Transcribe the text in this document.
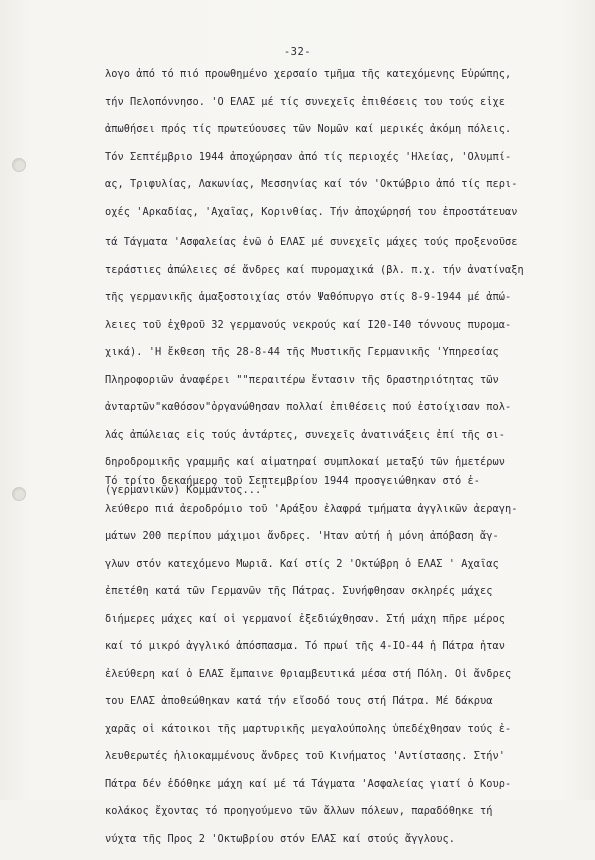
-32-
λογο ἀπό τό πιό προωθημένο χερσαίο τμῆμα τῆς κατεχόμενης Εὐρώπης,
τήν Πελοπόννησο. 'Ο ΕΛΑΣ μέ τίς συνεχεῖς ἐπιθέσεις του τούς εἶχε
ἀπωθήσει πρός τίς πρωτεύουσες τῶν Νομῶν καί μερικές ἀκόμη πόλεις.
Τόν Σεπτέμβριο 1944 ἀποχώρησαν ἀπό τίς περιοχές 'Ηλείας, 'Ολυμπί-
ας, Τριφυλίας, Λακωνίας, Μεσσηνίας καί τόν 'Οκτώβριο ἀπό τίς περι-
οχές 'Αρκαδίας, 'Αχαΐας, Κορινθίας. Τήν ἀποχώρησή του ἐπροστάτευαν
τά Τάγματα 'Ασφαλείας ἐνῶ ὁ ΕΛΑΣ μέ συνεχεῖς μάχες τούς προξενοῦσε
τεράστιες ἀπώλειες σέ ἄνδρες καί πυρομαχικά (βλ. π.χ. τήν ἀνατίναξη
τῆς γερμανικῆς ἁμαξοστοιχίας στόν Ψαθόπυργο στίς 8-9-1944 μέ ἀπώ-
λειες τοῦ ἐχθροῦ 32 γερμανούς νεκρούς καί I20-I40 τόννους πυρομα-
χικά). 'Η ἔκθεση τῆς 28-8-44 τῆς Μυστικῆς Γερμανικῆς 'Υπηρεσίας
Πληροφοριῶν ἀναφέρει ""περαιτέρω ἔντασιν τῆς δραστηριότητας τῶν
ἀνταρτῶν"καθόσον"ὀργανώθησαν πολλαί ἐπιθέσεις πού ἐστοίχισαν πολ-
λάς ἀπώλειας εἰς τούς ἀντάρτες, συνεχεῖς ἀνατινάξεις ἐπί τῆς σι-
δηροδρομικῆς γραμμῆς καί αἱματηραί συμπλοκαί μεταξύ τῶν ἡμετέρων
(γερμανικῶν) Κομμάντος..."
Τό τρίτο δεκαήμερο τοῦ Σεπτεμβρίου 1944 προσγειώθηκαν στό ἐ-
λεύθερο πιά ἀεροδρόμιο τοῦ 'Αράξου ἐλαφρά τμήματα ἀγγλικῶν ἀεραγη-
μάτων 200 περίπου μάχιμοι ἄνδρες. 'Ηταν αὐτή ἡ μόνη ἀπόβαση ἄγ-
γλων στόν κατεχόμενο Μωριᾶ. Καί στίς 2 'Οκτώβρη ὁ ΕΛΑΣ ' Αχαΐας
ἐπετέθη κατά τῶν Γερμανῶν τῆς Πάτρας. Συνήφθησαν σκληρές μάχες
διήμερες μάχες καί οἱ γερμανοί ἐξεδιώχθησαν. Στή μάχη πῆρε μέρος
καί τό μικρό ἀγγλικό ἀπόσπασμα. Τό πρωί τῆς 4-IO-44 ἡ Πάτρα ἦταν
ἐλεύθερη καί ὁ ΕΛΑΣ ἔμπαινε θριαμβευτικά μέσα στή Πόλη. Οἱ ἄνδρες
του ΕΛΑΣ ἀποθεώθηκαν κατά τήν εἴσοδό τους στή Πάτρα. Μέ δάκρυα
χαρᾶς οἱ κάτοικοι τῆς μαρτυρικῆς μεγαλούπολης ὑπεδέχθησαν τούς ἐ-
λευθερωτές ἡλιοκαμμένους ἄνδρες τοῦ Κινήματος 'Αντίστασης. Στήν'
Πάτρα δέν ἐδόθηκε μάχη καί μέ τά Τάγματα 'Ασφαλείας γιατί ὁ Κουρ-
κολάκος ἔχοντας τό προηγούμενο τῶν ἄλλων πόλεων, παραδόθηκε τή
νύχτα τῆς Προς 2 'Οκτωβρίου στόν ΕΛΑΣ καί στούς ἄγγλους.
